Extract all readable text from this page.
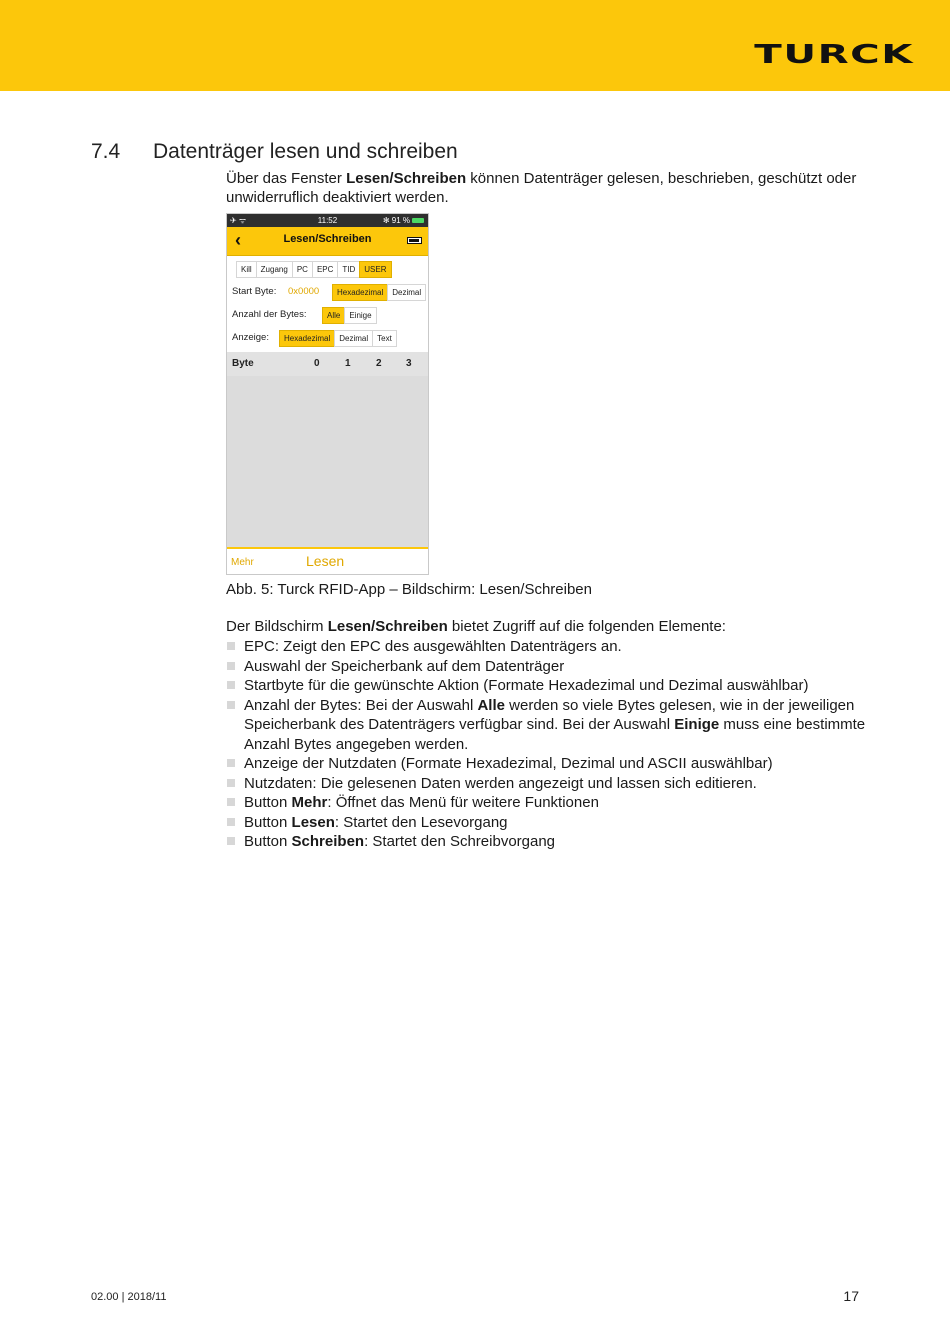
TURCK
7.4 Datenträger lesen und schreiben

Über das Fenster Lesen/Schreiben können Datenträger gelesen, beschrieben, geschützt oder unwiderruflich deaktiviert werden.

✈ ᯤ	11:52	✻ 91 %
‹	Lesen/Schreiben
Kill	Zugang	PC	EPC	TID	USER
Start Byte: 0x0000	Hexadezimal	Dezimal
Anzahl der Bytes:	Alle	Einige
Anzeige:	Hexadezimal	Dezimal	Text
Byte	0	1	2 3
Mehr	Lesen
Abb. 5: Turck RFID-App – Bildschirm: Lesen/Schreiben
Der Bildschirm Lesen/Schreiben bietet Zugriff auf die folgenden Elemente:
EPC: Zeigt den EPC des ausgewählten Datenträgers an.
Auswahl der Speicherbank auf dem Datenträger
Startbyte für die gewünschte Aktion (Formate Hexadezimal und Dezimal auswählbar)
Anzahl der Bytes: Bei der Auswahl Alle werden so viele Bytes gelesen, wie in der jeweiligen Speicherbank des Datenträgers verfügbar sind. Bei der Auswahl Einige muss eine bestimmte Anzahl Bytes angegeben werden.
Anzeige der Nutzdaten (Formate Hexadezimal, Dezimal und ASCII auswählbar)
Nutzdaten: Die gelesenen Daten werden angezeigt und lassen sich editieren.
Button Mehr: Öffnet das Menü für weitere Funktionen
Button Lesen: Startet den Lesevorgang
Button Schreiben: Startet den Schreibvorgang
02.00 | 2018/11	17
